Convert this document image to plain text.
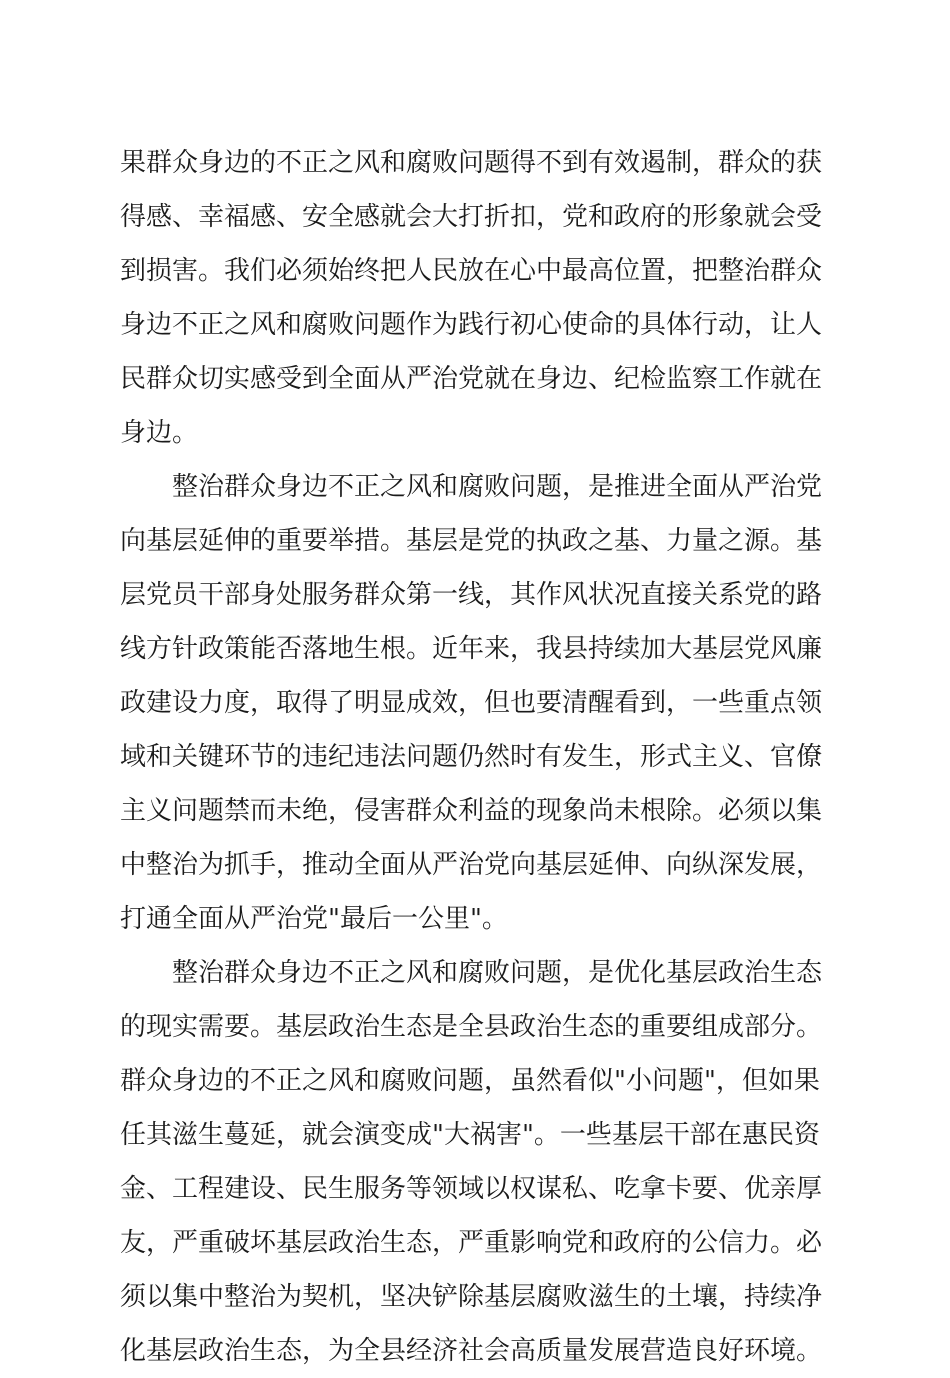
果群众身边的不正之风和腐败问题得不到有效遏制，群众的获
得感、幸福感、安全感就会大打折扣，党和政府的形象就会受
到损害。我们必须始终把人民放在心中最高位置，把整治群众
身边不正之风和腐败问题作为践行初心使命的具体行动，让人
民群众切实感受到全面从严治党就在身边、纪检监察工作就在
身边。
整治群众身边不正之风和腐败问题，是推进全面从严治党
向基层延伸的重要举措。基层是党的执政之基、力量之源。基
层党员干部身处服务群众第一线，其作风状况直接关系党的路
线方针政策能否落地生根。近年来，我县持续加大基层党风廉
政建设力度，取得了明显成效，但也要清醒看到，一些重点领
域和关键环节的违纪违法问题仍然时有发生，形式主义、官僚
主义问题禁而未绝，侵害群众利益的现象尚未根除。必须以集
中整治为抓手，推动全面从严治党向基层延伸、向纵深发展，
打通全面从严治党"最后一公里"。
整治群众身边不正之风和腐败问题，是优化基层政治生态
的现实需要。基层政治生态是全县政治生态的重要组成部分。
群众身边的不正之风和腐败问题，虽然看似"小问题"，但如果
任其滋生蔓延，就会演变成"大祸害"。一些基层干部在惠民资
金、工程建设、民生服务等领域以权谋私、吃拿卡要、优亲厚
友，严重破坏基层政治生态，严重影响党和政府的公信力。必
须以集中整治为契机，坚决铲除基层腐败滋生的土壤，持续净
化基层政治生态，为全县经济社会高质量发展营造良好环境。
